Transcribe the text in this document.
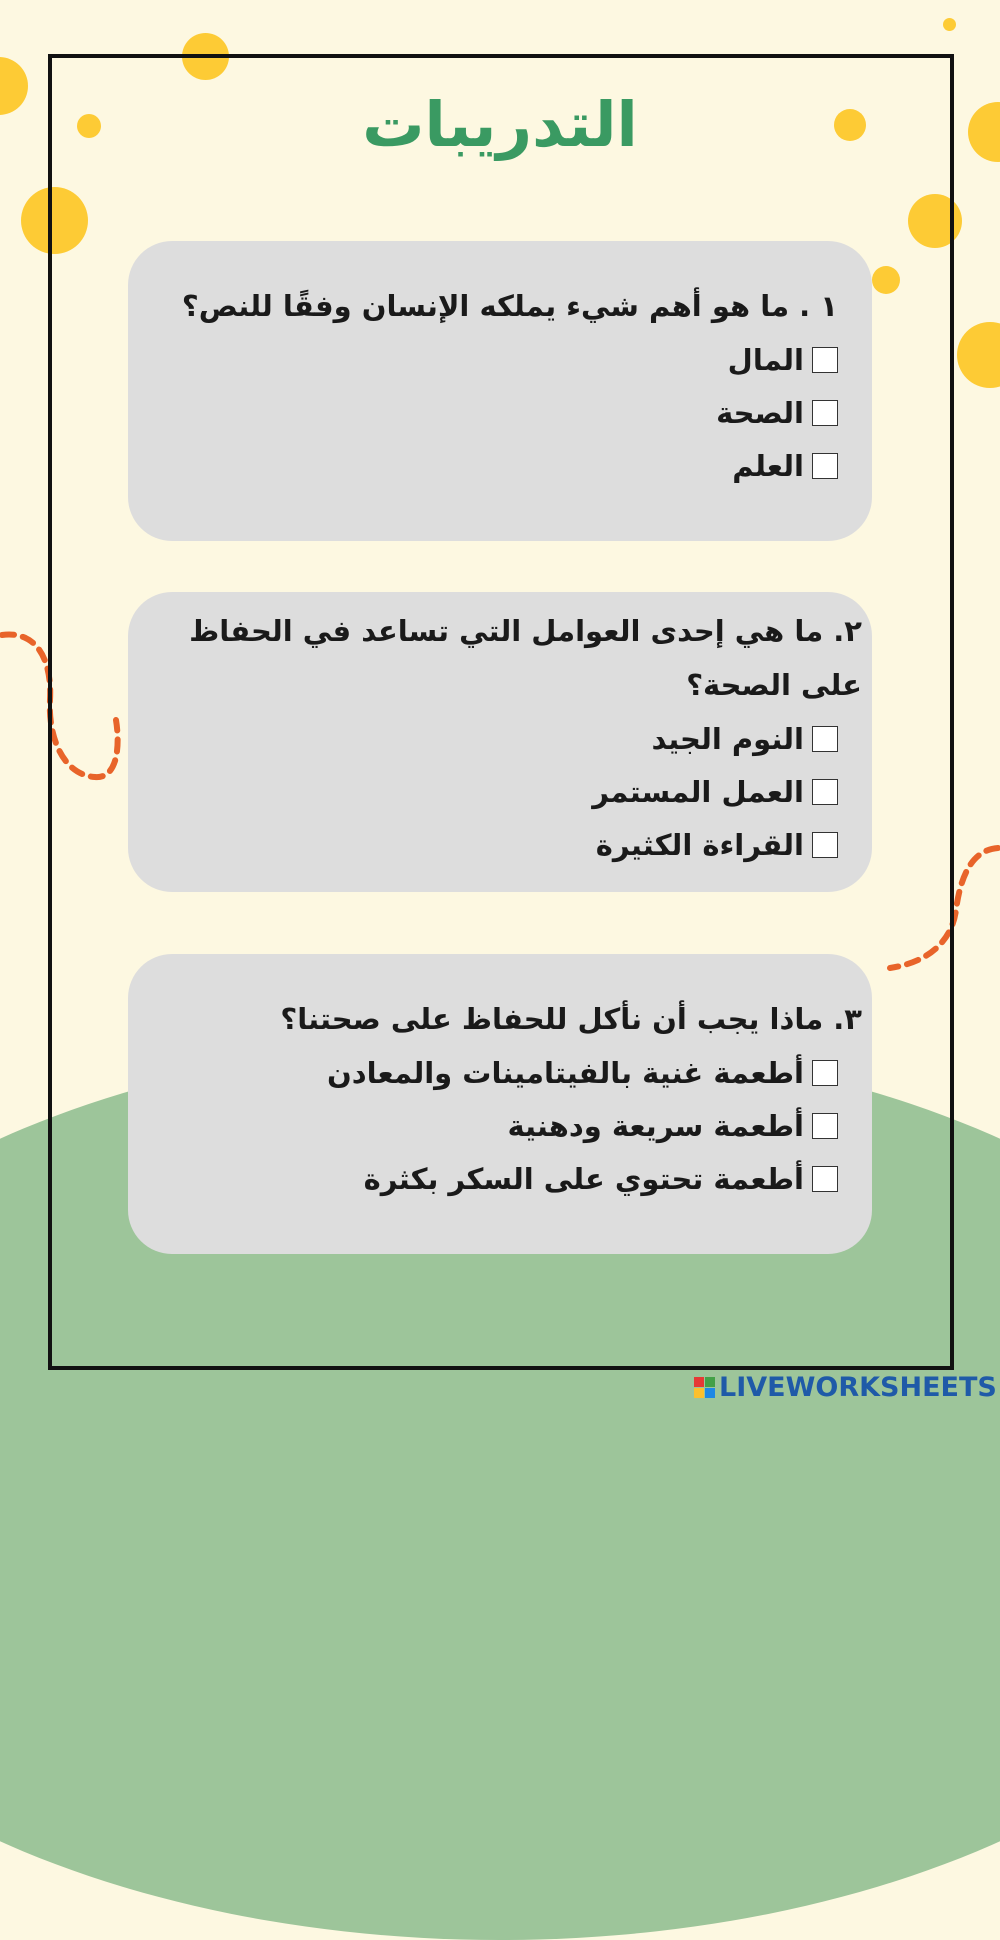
التدريبات

١ . ما هو أهم شيء يملكه الإنسان وفقًا للنص؟

المال
الصحة
العلم

٢. ما هي إحدى العوامل التي تساعد في الحفاظ على الصحة؟

النوم الجيد
العمل المستمر
القراءة الكثيرة

٣. ماذا يجب أن نأكل للحفاظ على صحتنا؟

أطعمة غنية بالفيتامينات والمعادن
أطعمة سريعة ودهنية
أطعمة تحتوي على السكر بكثرة
LIVEWORKSHEETS
